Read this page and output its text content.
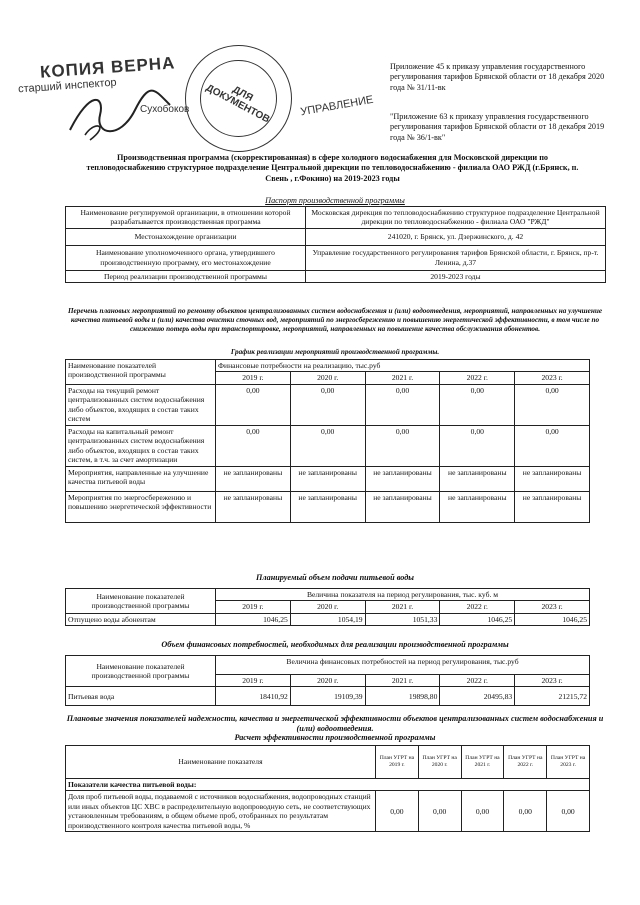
КОПИЯ ВЕРНА
старший инспектор
Сухобоков
ДЛЯ ДОКУМЕНТОВ	УПРАВЛЕНИЕ
Приложение 45 к приказу управления государственного регулирования тарифов Брянской области от 18 декабря 2020 года № 31/11-вк
"Приложение 63 к приказу управления государственного регулирования тарифов Брянской области от 18 декабря 2019 года № 36/1-вк"
Производственная программа (скорректированная) в сфере холодного водоснабжения для Московской дирекции по тепловодоснабжению структурное подразделение Центральной дирекции по тепловодоснабжению - филиала ОАО РЖД (г.Брянск, п. Свень , г.Фокино) на 2019-2023 годы
Паспорт производственной программы
Наименование регулируемой организации, в отношении которой разрабатывается производственная программа	Московская дирекция по тепловодоснабжению структурное подразделение Центральной дирекции по тепловодоснабжению - филиала ОАО "РЖД"
Местонахождение организации	241020, г. Брянск, ул. Дзержинского, д. 42
Наименование уполномоченного органа, утвердившего производственную программу, его местонахождение	Управление государственного регулирования тарифов Брянской области, г. Брянск, пр-т. Ленина, д.37
Период реализации производственной программы	2019-2023 годы
Перечень плановых мероприятий по ремонту объектов централизованных систем водоснабжения и (или) водоотведения, мероприятий, направленных на улучшение качества питьевой воды и (или) качества очистки сточных вод, мероприятий по энергосбережению и повышению энергетической эффективности, в том числе по снижению потерь воды при транспортировке, мероприятий, направленных на повышение качества обслуживания абонентов.
График реализации мероприятий производственной программы.
Наименование показателей производственной программы	Финансовые потребности на реализацию, тыс.руб				
	2019 г.	2020 г.	2021 г.	2022 г.	2023 г.
Расходы на текущий ремонт централизованных систем водоснабжения либо объектов, входящих в состав таких систем	0,00	0,00	0,00	0,00	0,00
Расходы на капитальный ремонт централизованных систем водоснабжения либо объектов, входящих в состав таких систем, в т.ч. за счет амортизации	0,00	0,00	0,00	0,00	0,00
Мероприятия, направленные на улучшение качества питьевой воды	не запланированы	не запланированы	не запланированы	не запланированы	не запланированы
Мероприятия по энергосбережению и повышению энергетической эффективности	не запланированы	не запланированы	не запланированы	не запланированы	не запланированы
Планируемый объем подачи питьевой воды
Наименование показателей производственной программы	Величина показателя на период регулирования, тыс. куб. м				
	2019 г.	2020 г.	2021 г.	2022 г.	2023 г.
Отпущено воды абонентам	1046,25	1054,19	1051,33	1046,25	1046,25
Объем финансовых потребностей, необходимых для реализации производственной программы
Наименование показателей производственной программы	Величина финансовых потребностей на период регулирования, тыс.руб				
	2019 г.	2020 г.	2021 г.	2022 г.	2023 г.
Питьевая вода	18410,92	19109,39	19898,80	20495,83	21215,72
Плановые значения показателей надежности, качества и энергетической эффективности объектов централизованных систем водоснабжения и (или) водоотведения.
Расчет эффективности производственной программы
Наименование показателя	План УГРТ на 2019 г.	План УГРТ на 2020 г.	План УГРТ на 2021 г.	План УГРТ на 2022 г.	План УГРТ на 2023 г.
Показатели качества питьевой воды:					
Доля проб питьевой воды, подаваемой с источников водоснабжения, водопроводных станций или иных объектов ЦС ХВС в распределительную водопроводную сеть, не соответствующих установленным требованиям, в общем объеме проб, отобранных по результатам производственного контроля качества питьевой воды, %	0,00	0,00	0,00	0,00	0,00
